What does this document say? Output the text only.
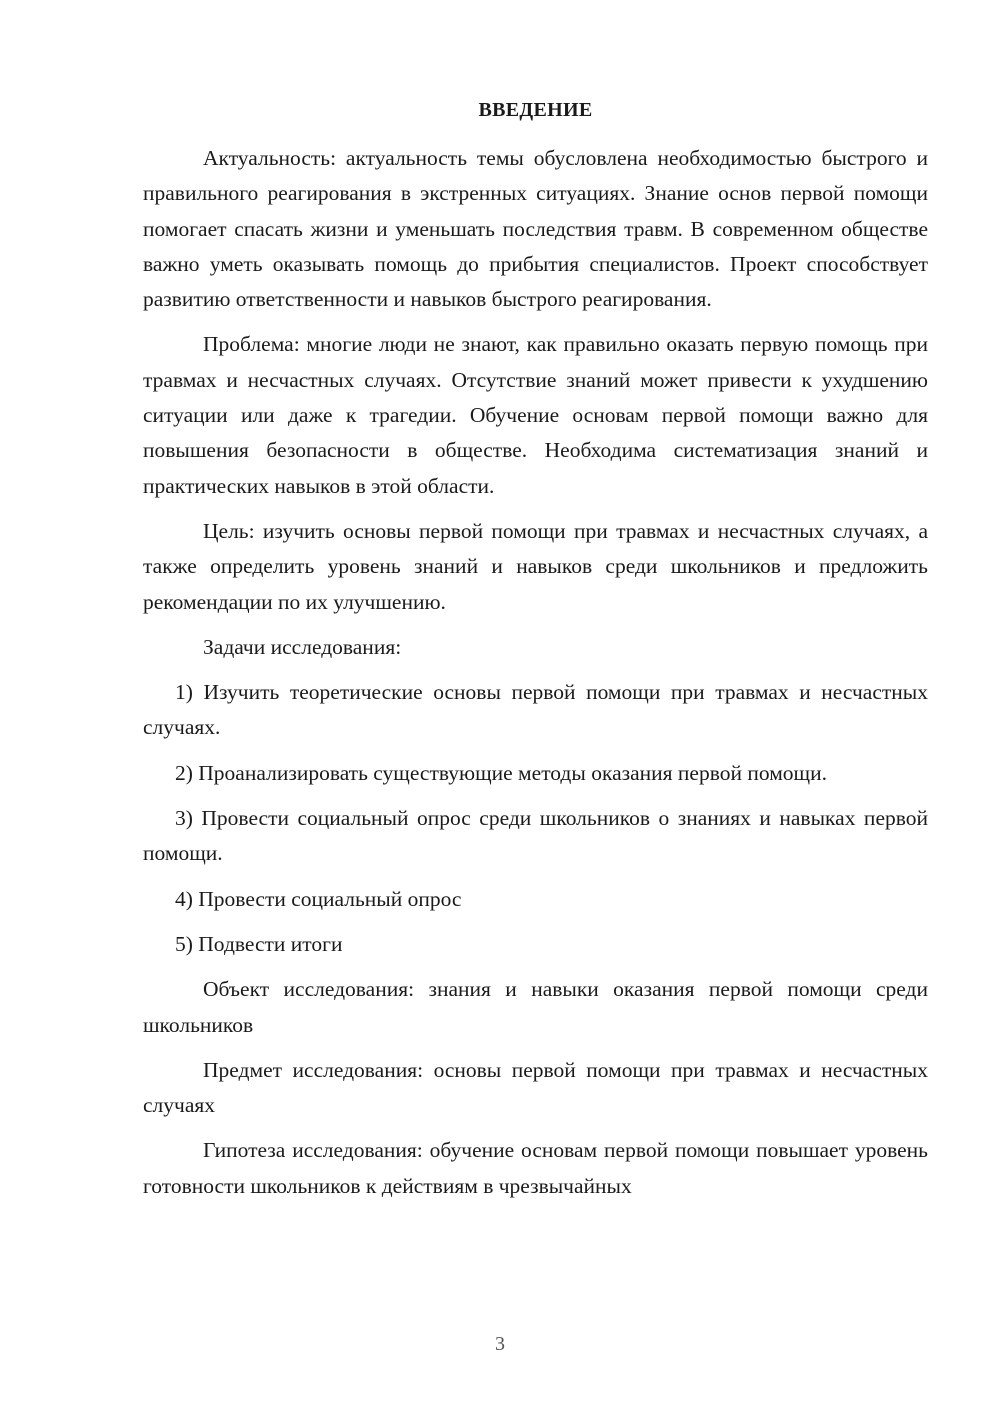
ВВЕДЕНИЕ

Актуальность: актуальность темы обусловлена необходимостью быстрого и правильного реагирования в экстренных ситуациях. Знание основ первой помощи помогает спасать жизни и уменьшать последствия травм. В современном обществе важно уметь оказывать помощь до прибытия специалистов. Проект способствует развитию ответственности и навыков быстрого реагирования.

Проблема: многие люди не знают, как правильно оказать первую помощь при травмах и несчастных случаях. Отсутствие знаний может привести к ухудшению ситуации или даже к трагедии. Обучение основам первой помощи важно для повышения безопасности в обществе. Необходима систематизация знаний и практических навыков в этой области.

Цель: изучить основы первой помощи при травмах и несчастных случаях, а также определить уровень знаний и навыков среди школьников и предложить рекомендации по их улучшению.

Задачи исследования:

1) Изучить теоретические основы первой помощи при травмах и несчастных случаях.

2) Проанализировать существующие методы оказания первой помощи.

3) Провести социальный опрос среди школьников о знаниях и навыках первой помощи.

4) Провести социальный опрос

5) Подвести итоги

Объект исследования: знания и навыки оказания первой помощи среди школьников

Предмет исследования: основы первой помощи при травмах и несчастных случаях

Гипотеза исследования: обучение основам первой помощи повышает уровень готовности школьников к действиям в чрезвычайных

3
